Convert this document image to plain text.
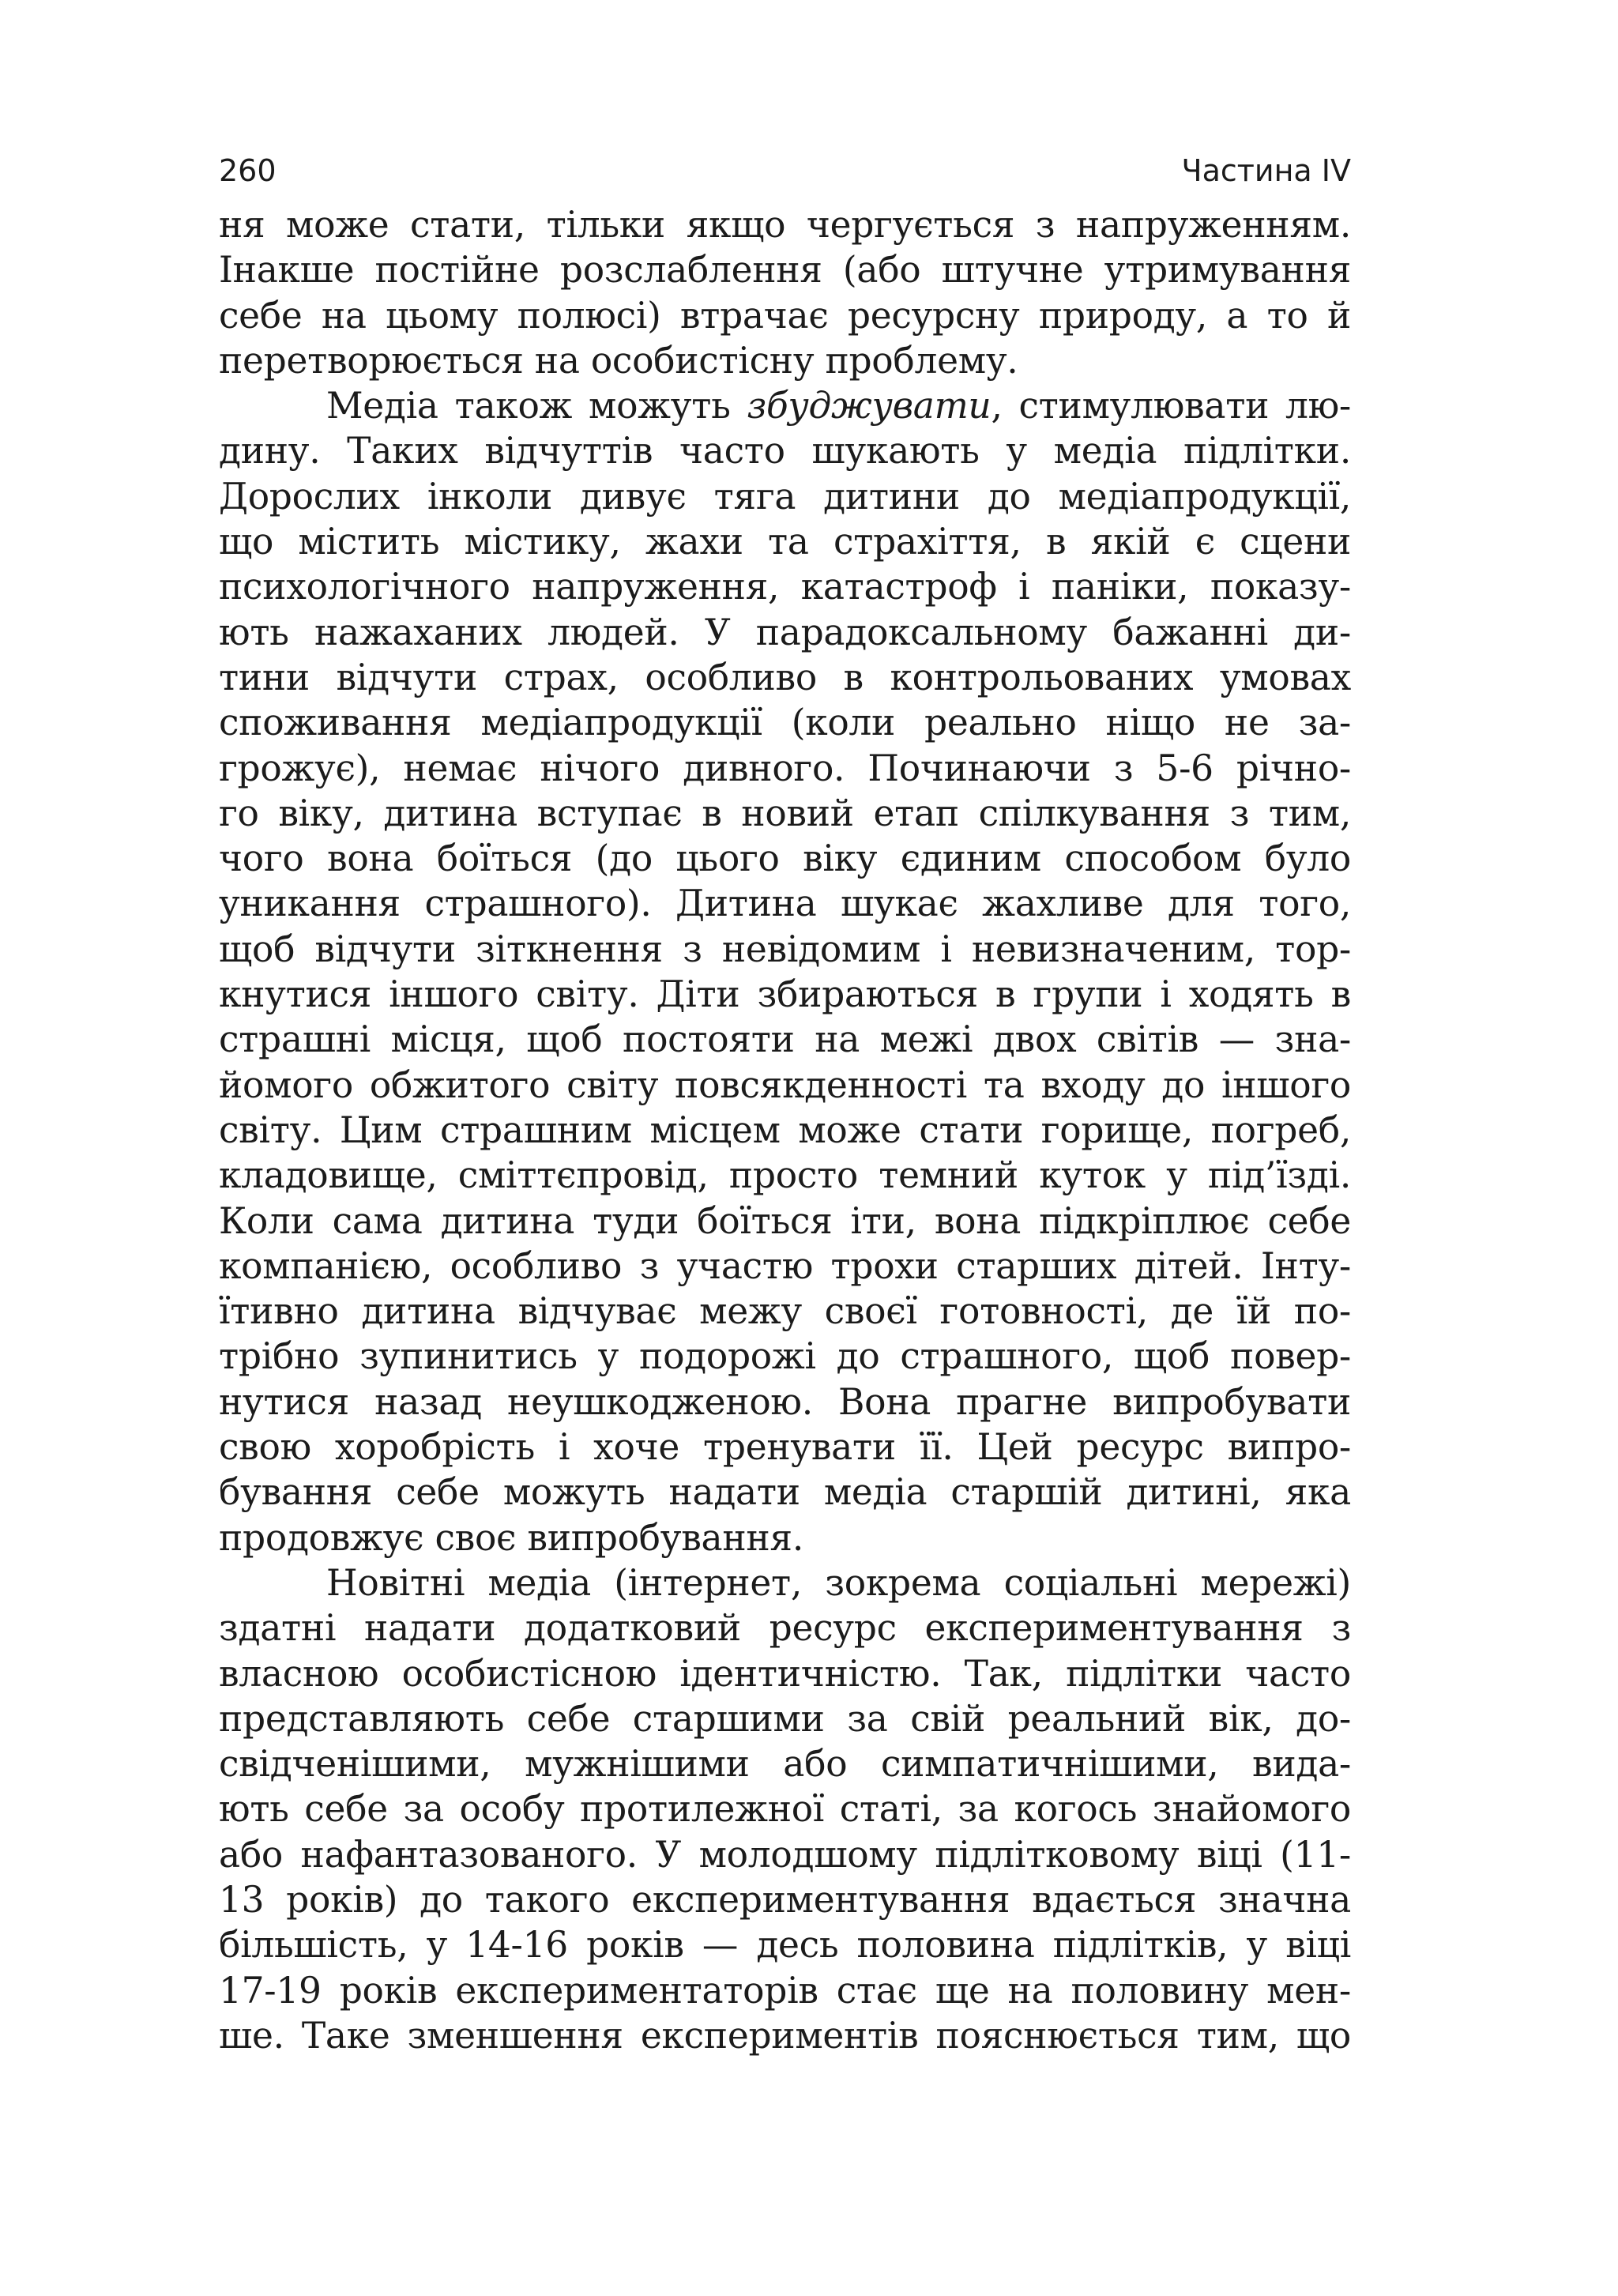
260	Частина IV
ня може стати, тільки якщо чергується з напруженням.
Інакше постійне розслаблення (або штучне утримування
себе на цьому полюсі) втрачає ресурсну природу, а то й
перетворюється на особистісну проблему.
Медіа також можуть збуджувати, стимулювати лю-
дину. Таких відчуттів часто шукають у медіа підлітки.
Дорослих інколи дивує тяга дитини до медіапродукції,
що містить містику, жахи та страхіття, в якій є сцени
психологічного напруження, катастроф і паніки, показу-
ють нажаханих людей. У парадоксальному бажанні ди-
тини відчути страх, особливо в контрольованих умовах
споживання медіапродукції (коли реально ніщо не за-
грожує), немає нічого дивного. Починаючи з 5-6 річно-
го віку, дитина вступає в новий етап спілкування з тим,
чого вона боїться (до цього віку єдиним способом було
уникання страшного). Дитина шукає жахливе для того,
щоб відчути зіткнення з невідомим і невизначеним, тор-
кнутися іншого світу. Діти збираються в групи і ходять в
страшні місця, щоб постояти на межі двох світів — зна-
йомого обжитого світу повсякденності та входу до іншого
світу. Цим страшним місцем може стати горище, погреб,
кладовище, сміттєпровід, просто темний куток у під’їзді.
Коли сама дитина туди боїться іти, вона підкріплює себе
компанією, особливо з участю трохи старших дітей. Інту-
їтивно дитина відчуває межу своєї готовності, де їй по-
трібно зупинитись у подорожі до страшного, щоб повер-
нутися назад неушкодженою. Вона прагне випробувати
свою хоробрість і хоче тренувати її. Цей ресурс випро-
бування себе можуть надати медіа старшій дитині, яка
продовжує своє випробування.
Новітні медіа (інтернет, зокрема соціальні мережі)
здатні надати додатковий ресурс експериментування з
власною особистісною ідентичністю. Так, підлітки часто
представляють себе старшими за свій реальний вік, до-
свідченішими, мужнішими або симпатичнішими, вида-
ють себе за особу протилежної статі, за когось знайомого
або нафантазованого. У молодшому підлітковому віці (11-
13 років) до такого експериментування вдається значна
більшість, у 14-16 років — десь половина підлітків, у віці
17-19 років експериментаторів стає ще на половину мен-
ше. Таке зменшення експериментів пояснюється тим, що
